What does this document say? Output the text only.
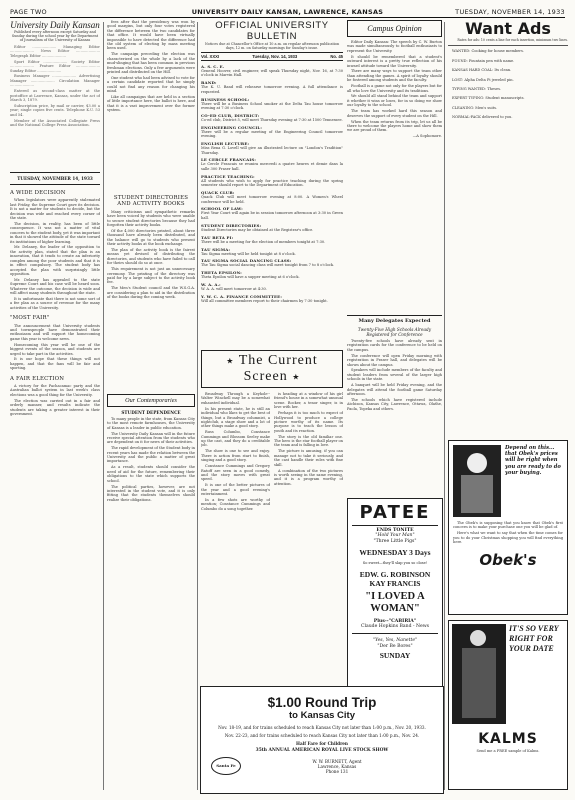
PAGE TWO	UNIVERSITY DAILY KANSAN, LAWRENCE, KANSAS	TUESDAY, NOVEMBER 14, 1933
University Daily Kansan
Published every afternoon except Saturday and Sunday during the school year by the Department of Journalism of the University of Kansas

Editor ..................... Managing Editor ..................... News Editor ..................... Telegraph Editor .....................

Sport Editor ..................... Society Editor ..................... Feature Editor ..................... Sunday Editor .....................

Business Manager ..................... Advertising Manager ..................... Circulation Manager .....................

Entered as second-class matter at the postoffice at Lawrence, Kansas, under the act of March 3, 1879.

Subscription price, by mail or carrier, $3.00 a year; single copies five cents. Telephone K.U. 53 and 54.

Member of the Associated Collegiate Press and the National College Press Association.

TUESDAY, NOVEMBER 14, 1933
A WIDE DECISION

When legislators were apparently stalemated last Friday, the Supreme Court gave its decision. It is not a matter for students to decide, but the decision was wide and reached every corner of the state.

The decision, in reality, has been of little consequence. It was not a matter of vital concern to the student body, yet it was important in that it showed the attitude of the state toward its institutions of higher learning.

Mr. Delaney, the leader of the opposition to the activity plan, stated that the plan is an innovation, that it tends to create an inferiority complex among the poor students and that it is in effect compulsory. The student body has accepted the plan with surprisingly little opposition.

Mr. Delaney has appealed to the state Supreme Court and his case will be heard soon. Whatever the outcome, the decision is wide and will affect many students throughout the state.

It is unfortunate that there is not some sort of a fee plan as a source of revenue for the many activities of the University.

"MOST FAIR"

The announcement that University students and townspeople have demonstrated their enthusiasm and will support the homecoming game this year is welcome news.

Homecoming this year will be one of the biggest events of the season, and students are urged to take part in the activities.

It is our hope that these things will not happen, and that the fans will be fair and sporting.

A FAIR ELECTION

A victory for the Pachacamac party and the Australian ballot system in last week's class elections was a good thing for the University.

The election was carried out in a fair and orderly manner, and results indicate the students are taking a greater interest in their government.

fees after that the presidency was won by good margins, but only four votes registered the difference between the two candidates for that office. It would have been virtually impossible to have detected the difference had the old system of electing by mass meeting been used.

The campaign preceding the election was characterized on the whole by a lack of the mud-slinging that has been common in previous freshman elections. Only a few arguments were printed and distributed on the Hill.

One student who had been advised to vote for a certain candidate reported that he simply could not find any reason for changing his mind.

Like all campaigns that are held in a section of little importance here, the ballot is here, and that it is a vast improvement over the former system.

STUDENT DIRECTORIES AND ACTIVITY BOOKS

Many criticisms and sympathetic remarks have been voiced by students who were unable to secure student directories because they had forgotten their activity books.

Of the 4,000 directories printed, about three thousand have already been distributed, and the balance will go to students who present their activity books at the book exchange.

The plan of the activity book is the fairest means yet devised of distributing the directories, and students who have failed to call for theirs should do so at once.

This requirement is not just an unnecessary ceremony. The printing of the directory was paid for by a large subject to the activity book fee.

The Men's Student council and the W.S.G.A. are considering a plan to aid in the distribution of the books during the coming week.

Our Contemporaries
STUDENT DEPENDENCE

To many people in the state, from Kansas City to the most remote farmhouses, the University of Kansas is a leader in public education.

The University Daily Kansan will in the future receive special attention from the students who are dependent on it for news of their activities.

The rapid development of the Student body in recent years has made the relation between the University and the public a matter of great importance.

As a result, students should consider the need of aid for the future, remembering their obligations to the state which supports the school.

The political parties, however, are not interested in the student vote, and it is only fitting that the students themselves should realize their obligations.

OFFICIAL UNIVERSITY BULLETIN
Notices due at Chancellor's Office at 10 a.m. on regular afternoon publication days, 12 m. on Saturday mornings for Sunday's issue.
Vol. XXXI	Tuesday, Nov. 14, 1933	No. 45
A. S. C. E.
General Hoover, civil engineer, will speak Thursday night, Nov. 16, at 7:30 o'clock in Marvin Hall.
BAND:
The K. U. Band will rehearse tomorrow evening. A full attendance is requested.
BUSINESS SCHOOL:
There will be a Business School smoker at the Delta Tau house tomorrow evening at 7:30 o'clock.
CO-ED CLUB, DISTRICT:
Co-ed club, District 5, will meet Thursday evening at 7:30 at 1500 Tennessee.
ENGINEERING COUNCIL:
There will be a regular meeting of the Engineering Council tomorrow evening.
ENGLISH LECTURE:
Miss Rena G. Lovell will give an illustrated lecture on "London's Tradition" Thursday.
LE CERCLE FRANCAIS:
Le Cercle Francais se reunira mercredi a quatre heures et demie dans la salle 300 Fraser hall.
PRACTICE TEACHING:
All students who wish to apply for practice teaching during the spring semester should report to the Department of Education.
QUACK CLUB:
Quack Club will meet tomorrow evening at 8:00. A Women's Wheel conference will be held.
SCHOOL OF LAW:
First Year Court will again be in session tomorrow afternoon at 3:30 in Green hall.
STUDENT DIRECTORIES:
Student Directories may be obtained at the Registrar's office.
TAU BETA PI:
There will be a meeting for the election of members tonight at 7:30.
TAU SIGMA:
Tau Sigma meeting will be held tonight at 8 o'clock.
TAU SIGMA SOCIAL DANCING CLASS:
The Tau Sigma social dancing class will meet tonight from 7 to 8 o'clock.
THETA EPSILON:
Theta Epsilon will have a supper meeting at 6 o'clock.
W. A. A.:
W. A. A. will meet tomorrow at 4:30.
Y. W. C. A. FINANCE COMMITTEE:
Will all committee members report to their chairmen by 7:30 tonight.
★ The Current Screen ★

Broadway Through a Keyhole--Walter Winchell may be a somewhat exhausted individual.

In his present state, he is still an individual who likes to get the best of things, but a Broadway columnist, a nightclub, a stage show and a lot of other things make a good story.

Russ Columbo, Constance Cummings and Blossom Seeley make up the cast, and they do a creditable job.

The show is one to see and enjoy. There is action from start to finish, singing and a good story.

Constance Cummings and Gregory Ratoff are seen in a good comedy, and the story moves with great speed.

It is one of the better pictures of the year and a good evening's entertainment.

In a few shots are worthy of mention; Constance Cummings and Columbo do a song together.

is heading at a window of his girl friend's house in a somewhat unusual scene. Rocker, a tenor singer, is in love with her.

Perhaps it is too much to expect of Hollywood to produce a college picture worthy of its name. Its purpose is to teach the lesson of youth and its reaction.

The story is the old familiar one. The hero is the star football player on the team and is falling in love.

The picture is amusing, if you can manage not to take it seriously, and the cast handle their roles with fine skill.

A combination of the two pictures is worth seeing in the same evening, and it is a program worthy of attention.

Campus Opinion

Editor Daily Kansan: The speech by C. W. Burton was made simultaneously to football enthusiasts to represent the University.

It should be remembered that a student's outward interest is a pretty true reflection of his inward attitude toward the University.

There are many ways to support the team other than attending the games. A spirit of loyalty should be fostered among students and the faculty.

Football is a game not only for the players but for all who love the University and its traditions.

We should all stand behind the team and support it whether it wins or loses, for in so doing we show our loyalty to the school.

The team has worked hard this season and deserves the support of every student on the Hill.

When the team returns from its trip, let us all be there to welcome the players home and show them we are proud of them.

—A Sophomore.

Many Delegates Expected
Twenty-Five High Schools Already Registered for Conference

Twenty-five schools have already sent in registration cards for the conference to be held on the campus.

The conference will open Friday morning with registration in Fraser hall, and delegates will be shown about the campus.

Speakers will include members of the faculty and student leaders from several of the larger high schools in the state.

A banquet will be held Friday evening, and the delegates will attend the football game Saturday afternoon.

The schools which have registered include Atchison, Kansas City, Lawrence, Ottawa, Olathe, Paola, Topeka and others.

PATEE
ENDS TONITE
"Hold Your Man"
"Three Little Pigs"
WEDNESDAY 3 Days
So sweet—they'll slap you so close!
EDW. G. ROBINSON
KAY FRANCIS
"I LOVED A WOMAN"
Plus--"CABIRIA"
Claude Hopkins Band - News
"Yes, Yes, Nanette"
"Der Be Bores"
SUNDAY
$1.00 Round Trip
to Kansas City
Nov. 18-19, and for trains scheduled to reach Kansas City not later than 1:00 p.m., Nov. 20, 1933.
Nov. 22-23, and for trains scheduled to reach Kansas City not later than 1:00 p.m., Nov. 24.
Half Fare for Children
35th ANNUAL AMERICAN ROYAL LIVE STOCK SHOW
Santa Fe
W. W. BURNETT, Agent
Lawrence, Kansas
Phone 131
Want Ads
Rates for ads: 10 cents a line for each insertion, minimum two lines.

WANTED: Cooking for house members.

FOUND: Fountain pen with name.

KANSAS HARD COAL: Its clean.

LOST: Alpha Delta Pi jeweled pin.

TYPING WANTED: Theses.

EXPERT TYPING: Student manuscripts.

CLEANING: Men's suits.

NORMAL-PACK delivered to you.

Depend on this... that Obek's prices will be right when you are ready to do your buying.

The Obek's is supposing that you know that Obek's first concern is to make your purchase one you will be glad of.

Here's what we want to say that when the time comes for you to do your Christmas shopping you will find everything here.

Obek's
IT'S SO VERY RIGHT FOR YOUR DATE
KALMS
Send me a FREE sample of Kalms.
